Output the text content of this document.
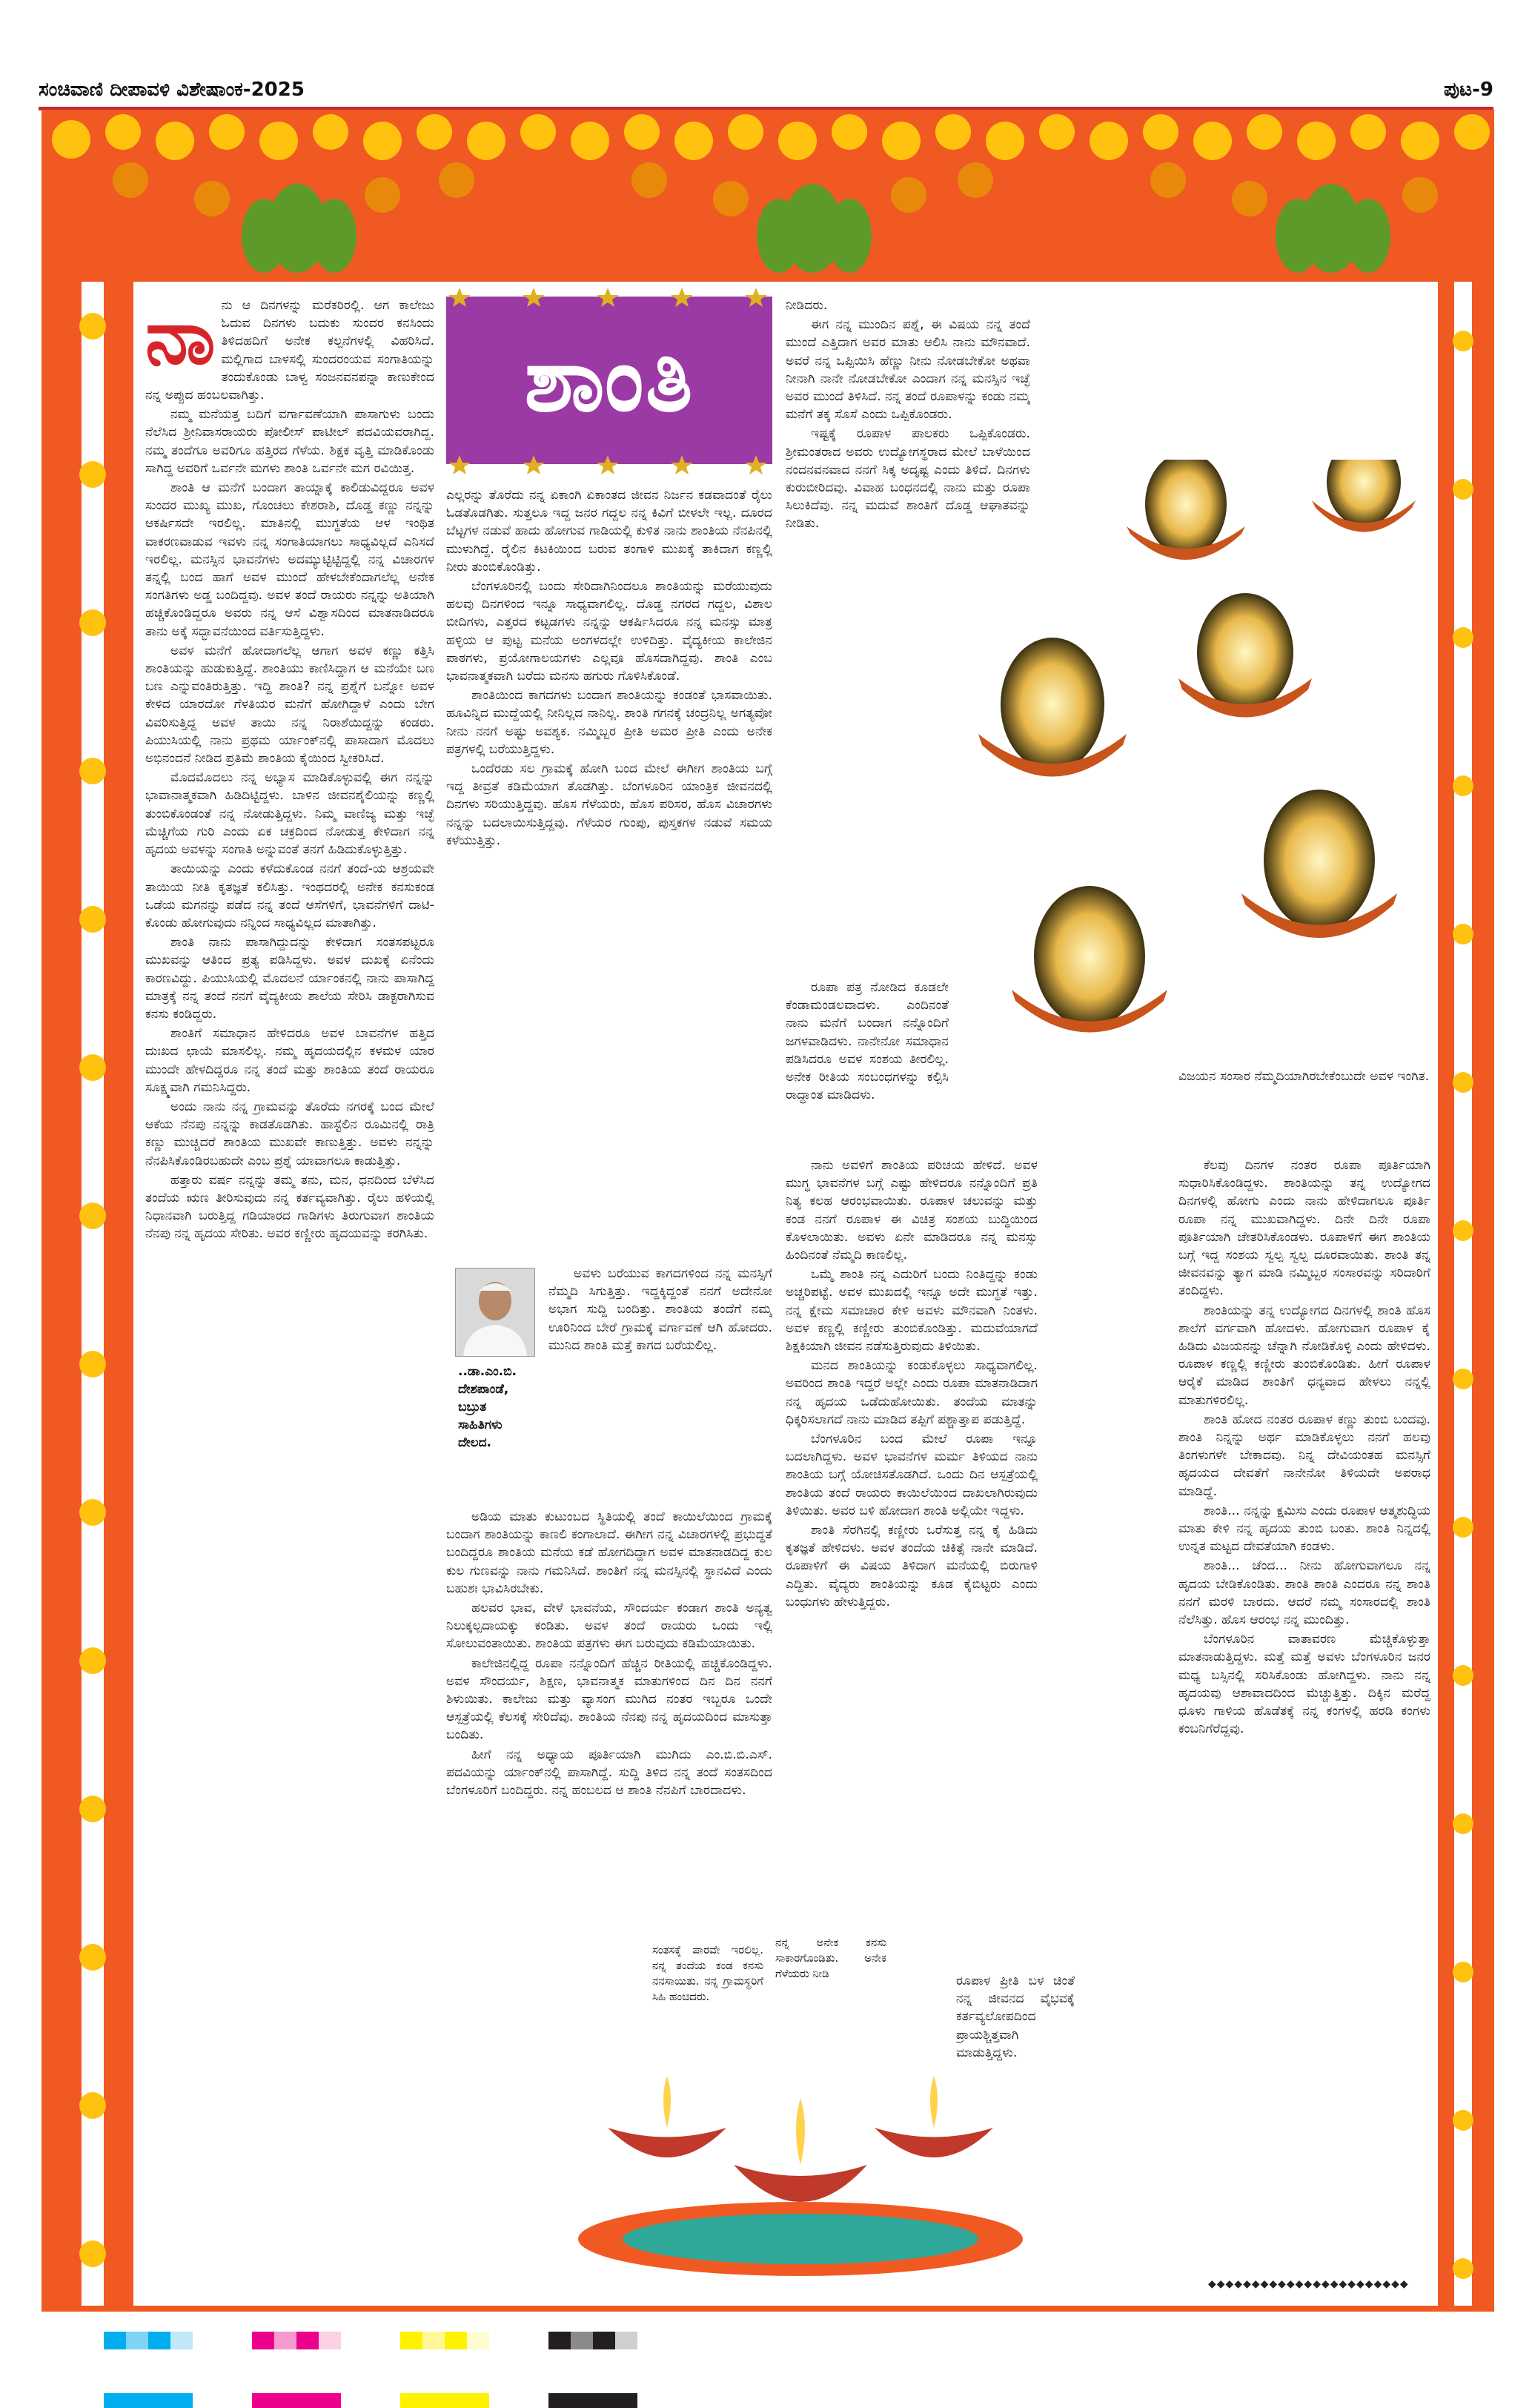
ಸಂಚಿವಾಣಿ ದೀಪಾವಳಿ ವಿಶೇಷಾಂಕ-2025	ಪುಟ-9
ಶಾಂತಿ
ನಾ ನು ಆ ದಿನಗಳನ್ನು ಮರೆಕರಿರಲ್ಲಿ. ಆಗ ಕಾಲೇಜು ಓದುವ ದಿನಗಳು ಬದುಕು ಸುಂದರ ಕನಸಿಂದು ತಿಳಿದಹದಿಗೆ ಅನೇಕ ಕಲ್ಪನೆಗಳಲ್ಲಿ ವಿಹರಿಸಿದೆ. ಮಲ್ಲಿಗಾದ ಬಾಳಸಲ್ಲಿ ಸುಂದರಂಯವ ಸಂಗಾತಿಯನ್ನು ತಂದುಕೊಂಡು ಬಾಳ್ವ ಸಂಜನವನಪನ್ನಾ ಕಾಣುಕೇಂದ ನನ್ನ ಅಪ್ಪುದ ಹಂಬಲವಾಗಿತ್ತು.

ನಮ್ಮ ಮನೆಯತ್ತ ಬದಿಗೆ ವರ್ಗಾವಣೆಯಾಗಿ ಪಾಸಾಗುಳು ಬಂದು ನೆಲೆಸಿದ ಶ್ರೀನಿವಾಸರಾಯರು ಪೋಲೀಸ್ ಪಾಟೀಲ್ ಪದವಿಯವರಾಗಿದ್ದ. ನಮ್ಮ ತಂದೆಗೂ ಅವರಿಗೂ ಹತ್ತಿರದ ಗೆಳೆಯ. ಶಿಕ್ಷಕ ವೃತ್ತಿ ಮಾಡಿಕೊಂಡು ಸಾಗಿದ್ದ ಅವರಿಗೆ ಒರ್ವನೇ ಮಗಳು ಶಾಂತಿ ಒರ್ವನೇ ಮಗ ರವಿಯಿತ್ತ.

ಶಾಂತಿ ಆ ಮನೆಗೆ ಬಂದಾಗ ತಾಯ್ನಾಕ್ಕೆ ಕಾಲಿಡುವಿದ್ದರೂ ಅವಳ ಸುಂದರ ಮುಖ್ಯ ಮುಖ, ಗೊಂಚಲು ಕೇಶರಾಶಿ, ದೊಡ್ಡ ಕಣ್ಣು ನನ್ನನ್ನು ಆಕರ್ಷಿಸದೇ ಇರಲಿಲ್ಲ. ಮಾತಿನಲ್ಲಿ ಮುಗ್ಧತೆಯ ಆಳ ಇಂಥಿತ ವಾಕರಣವಾಡುವ ಇವಳು ನನ್ನ ಸಂಗಾತಿಯಾಗಲು ಸಾಧ್ಯವಿಲ್ಲದೆ ಎನಿಸದೆ ಇರಲಿಲ್ಲ. ಮನಸ್ಸಿನ ಭಾವನೆಗಳು ಅದಮ್ಯುಟ್ಟಿಟ್ಟಿದ್ದಲ್ಲಿ ನನ್ನ ವಿಚಾರಗಳ ತನ್ನಲ್ಲಿ ಬಂದ ಹಾಗೆ ಅವಳ ಮುಂದೆ ಹೇಳಬೇಕೆಂದಾಗಲೆಲ್ಲ ಅನೇಕ ಸಂಗತಿಗಳು ಅಡ್ಡ ಬಂದಿದ್ದವು. ಅವಳ ತಂದೆ ರಾಯರು ನನ್ನನ್ನು ಅತಿಯಾಗಿ ಹಚ್ಚಿಕೊಂಡಿದ್ದರೂ ಅವರು ನನ್ನ ಆಸೆ ವಿಶ್ವಾಸದಿಂದ ಮಾತನಾಡಿದರೂ ತಾನು ಅಕ್ಕೆ ಸದ್ಭಾವನೆಯಿಂದ ವರ್ತಿಸುತ್ತಿದ್ದಳು.

ಅವಳ ಮನೆಗೆ ಹೋದಾಗಲೆಲ್ಲ ಆಗಾಗ ಅವಳ ಕಣ್ಣು ಕತ್ತಿಸಿ ಶಾಂತಿಯನ್ನು ಹುಡುಕುತ್ತಿದ್ದೆ. ಶಾಂತಿಯು ಕಾಣಿಸಿದ್ದಾಗ ಆ ಮನೆಯೇ ಬಣ ಬಣ ಎನ್ನುವಂತಿರುತ್ತಿತ್ತು. ಇದ್ದಿ ಶಾಂತಿ? ನನ್ನ ಪ್ರಶ್ನೆಗೆ ಬನ್ನೋ ಅವಳ ಕೇಳಿದ ಯಾರದೋ ಗೆಳತಿಯರ ಮನೆಗೆ ಹೋಗಿದ್ದಾಳೆ ಎಂದು ಬೇಗ ವಿವರಿಸುತ್ತಿದ್ದ ಅವಳ ತಾಯಿ ನನ್ನ ನಿರಾಶೆಯಿದ್ದನ್ನು ಕಂಡರು. ಪಿಯುಸಿಯಲ್ಲಿ ನಾನು ಪ್ರಥಮ ರ್ಯಾಂಕ್‌ನಲ್ಲಿ ಪಾಸಾದಾಗ ಮೊದಲು ಅಭಿನಂದನೆ ನೀಡಿದ ಪ್ರತಿಮೆ ಶಾಂತಿಯ ಕೈಯಿಂದ ಸ್ವೀಕರಿಸಿದೆ.

ಮೊದಮೊದಲು ನನ್ನ ಅಭ್ಯಾಸ ಮಾಡಿಕೊಳ್ಳುವಲ್ಲಿ ಈಗ ನನ್ನನ್ನು ಭಾವಾನಾತ್ಮಕವಾಗಿ ಹಿಡಿದಿಟ್ಟಿದ್ದಳು. ಬಾಳಿನ ಜೀವನಶೈಲಿಯನ್ನು ಕಣ್ಣಲ್ಲಿ ತುಂಬಿಕೊಂಡಂತೆ ನನ್ನ ನೋಡುತ್ತಿದ್ದಳು. ನಿಮ್ಮ ವಾಣಿಜ್ಯ ಮತ್ತು ಇಚ್ಛೆ ಮೆಚ್ಚಿಗೆಯ ಗುರಿ ಎಂದು ಏಕ ಚಕ್ರದಿಂದ ನೋಡುತ್ತ ಕೇಳಿದಾಗ ನನ್ನ ಹೃದಯ ಅವಳನ್ನು ಸಂಗಾತಿ ಅನ್ನುವಂತೆ ತನಗೆ ಹಿಡಿದುಕೊಳ್ಳುತ್ತಿತ್ತು.

ತಾಯಿಯನ್ನು ಎಂದು ಕಳೆದುಕೊಂಡ ನನಗೆ ತಂದೆ-ಯ ಆಶ್ರಯವೇ ತಾಯಿಯ ನೀತಿ ಕೃತಜ್ಞತೆ ಕಲಿಸಿತ್ತು. ಇಂಥದರಲ್ಲಿ ಅನೇಕ ಕನಸುಕಂಡ ಒಡೆಯ ಮಗನನ್ನು ಪಡೆದ ನನ್ನ ತಂದೆ ಆಸೆಗಳಿಗೆ, ಭಾವನೆಗಳಿಗೆ ದಾಟಿ-ಕೊಂಡು ಹೋಗುವುದು ನನ್ನಿಂದ ಸಾಧ್ಯವಿಲ್ಲದ ಮಾತಾಗಿತ್ತು.

ಶಾಂತಿ ನಾನು ಪಾಸಾಗಿದ್ದುದನ್ನು ಕೇಳಿದಾಗ ಸಂತಸಪಟ್ಟರೂ ಮುಖವನ್ನು ಆತಿಂದ ಪ್ರತ್ಯ ಪಡಿಸಿದ್ದಳು. ಅವಳ ದುಖಕ್ಕೆ ಏನೆಂದು ಕಾರಣವಿದ್ದು. ಪಿಯುಸಿಯಲ್ಲಿ ಮೊದಲನೆ ರ್ಯಾಂಕನಲ್ಲಿ ನಾನು ಪಾಸಾಗಿದ್ದ ಮಾತ್ರಕ್ಕೆ ನನ್ನ ತಂದೆ ನನಗೆ ವೈದ್ಯಕೀಯ ಶಾಲೆಯ ಸೇರಿಸಿ ಡಾಕ್ಟರಾಗಿಸುವ ಕನಸು ಕಂಡಿದ್ದರು.

ಶಾಂತಿಗೆ ಸಮಾಧಾನ ಹೇಳಿದರೂ ಅವಳ ಬಾವನೆಗಳ ಹತ್ತಿದ ದುಃಖದ ಛಾಯೆ ಮಾಸಲಿಲ್ಲ. ನಮ್ಮ ಹೃದಯದಲ್ಲಿನ ಕಳಮಳ ಯಾರ ಮುಂದೇ ಹೇಳದಿದ್ದರೂ ನನ್ನ ತಂದೆ ಮತ್ತು ಶಾಂತಿಯ ತಂದೆ ರಾಯರೂ ಸೂಕ್ಷ್ಮವಾಗಿ ಗಮನಿಸಿದ್ದರು.

ಅಂದು ನಾನು ನನ್ನ ಗ್ರಾಮವನ್ನು ತೊರೆದು ನಗರಕ್ಕೆ ಬಂದ ಮೇಲೆ ಆಕೆಯ ನೆನಪು ನನ್ನನ್ನು ಕಾಡತೊಡಗಿತು. ಹಾಸ್ಟೆಲಿನ ರೂಮಿನಲ್ಲಿ ರಾತ್ರಿ ಕಣ್ಣು ಮುಚ್ಚಿದರೆ ಶಾಂತಿಯ ಮುಖವೇ ಕಾಣುತ್ತಿತ್ತು. ಅವಳು ನನ್ನನ್ನು ನೆನಪಿಸಿಕೊಂಡಿರಬಹುದೇ ಎಂಬ ಪ್ರಶ್ನೆ ಯಾವಾಗಲೂ ಕಾಡುತ್ತಿತ್ತು.

ಹತ್ತಾರು ವರ್ಷ ನನ್ನನ್ನು ತಮ್ಮ ತನು, ಮನ, ಧನದಿಂದ ಬೆಳೆಸಿದ ತಂದೆಯ ಋಣ ತೀರಿಸುವುದು ನನ್ನ ಕರ್ತವ್ಯವಾಗಿತ್ತು. ರೈಲು ಹಳಿಯಲ್ಲಿ ನಿಧಾನವಾಗಿ ಬರುತ್ತಿದ್ದ ಗಡಿಯಾರದ ಗಾಡಿಗಳು ತಿರುಗುವಾಗ ಶಾಂತಿಯ ನೆನಪು ನನ್ನ ಹೃದಯ ಸೇರಿತು. ಅವರ ಕಣ್ಣೀರು ಹೃದಯವನ್ನು ಕರಗಿಸಿತು.

ಎಲ್ಲರನ್ನು ತೊರೆದು ನನ್ನ ಏಕಾಂಗಿ ಏಕಾಂತದ ಜೀವನ ನಿರ್ಜನ ಕಡವಾದಂತೆ ರೈಲು ಓಡತೊಡಗಿತು. ಸುತ್ತಲೂ ಇದ್ದ ಜನರ ಗದ್ದಲ ನನ್ನ ಕಿವಿಗೆ ಬೀಳಲೇ ಇಲ್ಲ. ದೂರದ ಬೆಟ್ಟಗಳ ನಡುವೆ ಹಾದು ಹೋಗುವ ಗಾಡಿಯಲ್ಲಿ ಕುಳಿತ ನಾನು ಶಾಂತಿಯ ನೆನಪಿನಲ್ಲಿ ಮುಳುಗಿದ್ದೆ. ರೈಲಿನ ಕಿಟಕಿಯಿಂದ ಬರುವ ತಂಗಾಳಿ ಮುಖಕ್ಕೆ ತಾಕಿದಾಗ ಕಣ್ಣಲ್ಲಿ ನೀರು ತುಂಬಿಕೊಂಡಿತ್ತು.

ಬೆಂಗಳೂರಿನಲ್ಲಿ ಬಂದು ಸೇರಿದಾಗಿನಿಂದಲೂ ಶಾಂತಿಯನ್ನು ಮರೆಯುವುದು ಹಲವು ದಿನಗಳಿಂದ ಇನ್ನೂ ಸಾಧ್ಯವಾಗಲಿಲ್ಲ. ದೊಡ್ಡ ನಗರದ ಗದ್ದಲ, ವಿಶಾಲ ಬೀದಿಗಳು, ಎತ್ತರದ ಕಟ್ಟಡಗಳು ನನ್ನನ್ನು ಆಕರ್ಷಿಸಿದರೂ ನನ್ನ ಮನಸ್ಸು ಮಾತ್ರ ಹಳ್ಳಿಯ ಆ ಪುಟ್ಟ ಮನೆಯ ಅಂಗಳದಲ್ಲೇ ಉಳಿದಿತ್ತು. ವೈದ್ಯಕೀಯ ಕಾಲೇಜಿನ ಪಾಠಗಳು, ಪ್ರಯೋಗಾಲಯಗಳು ಎಲ್ಲವೂ ಹೊಸದಾಗಿದ್ದವು. ಶಾಂತಿ ಎಂಬ ಭಾವನಾತ್ಮಕವಾಗಿ ಬರೆದು ಮನಸು ಹಗುರು ಗೊಳಿಸಿಕೊಂಡೆ.

ಶಾಂತಿಯಿಂದ ಕಾಗದಗಳು ಬಂದಾಗ ಶಾಂತಿಯನ್ನು ಕಂಡಂತೆ ಭಾಸವಾಯಿತು. ಹೂವಿನ್ನಿದ ಮುದ್ದೆಯಲ್ಲಿ ನೀನಿಲ್ಲದ ನಾನಿಲ್ಲ. ಶಾಂತಿ ಗಗನಕ್ಕೆ ಚಂದ್ರನಿಲ್ಲ ಅಗತ್ಯವೋ ನೀನು ನನಗೆ ಅಷ್ಟು ಅವಶ್ಯಕ. ನಮ್ಮಿಬ್ಬರ ಪ್ರೀತಿ ಅಮರ ಪ್ರೀತಿ ಎಂದು ಅನೇಕ ಪತ್ರಗಳಲ್ಲಿ ಬರೆಯುತ್ತಿದ್ದಳು.

ಒಂದೆರಡು ಸಲ ಗ್ರಾಮಕ್ಕೆ ಹೋಗಿ ಬಂದ ಮೇಲೆ ಈಗೀಗ ಶಾಂತಿಯ ಬಗ್ಗೆ ಇದ್ದ ತೀವ್ರತೆ ಕಡಿಮೆಯಾಗ ತೊಡಗಿತ್ತು. ಬೆಂಗಳೂರಿನ ಯಾಂತ್ರಿಕ ಜೀವನದಲ್ಲಿ ದಿನಗಳು ಸರಿಯುತ್ತಿದ್ದವು. ಹೊಸ ಗೆಳೆಯರು, ಹೊಸ ಪರಿಸರ, ಹೊಸ ವಿಚಾರಗಳು ನನ್ನನ್ನು ಬದಲಾಯಿಸುತ್ತಿದ್ದವು. ಗೆಳೆಯರ ಗುಂಪು, ಪುಸ್ತಕಗಳ ನಡುವೆ ಸಮಯ ಕಳೆಯುತ್ತಿತ್ತು.

..ಡಾ.ಎಂ.ಬಿ.
ದೇಶಪಾಂಡೆ,
ಬಬ್ರುತ
ಸಾಹಿತಿಗಳು
ದೇಲದ.

ಅವಳು ಬರೆಯುವ ಕಾಗದಗಳಿಂದ ನನ್ನ ಮನಸ್ಸಿಗೆ ನೆಮ್ಮದಿ ಸಿಗುತ್ತಿತ್ತು. ಇದ್ದಕ್ಕಿದ್ದಂತೆ ನನಗೆ ಅದೇನೋ ಅಭಾಗ ಸುದ್ದಿ ಬಂದಿತ್ತು. ಶಾಂತಿಯ ತಂದೆಗೆ ನಮ್ಮ ಊರಿನಿಂದ ಬೇರೆ ಗ್ರಾಮಕ್ಕೆ ವರ್ಗಾವಣೆ ಆಗಿ ಹೋದರು. ಮುನಿದ ಶಾಂತಿ ಮತ್ತೆ ಕಾಗದ ಬರೆಯಲಿಲ್ಲ.

ಅಡಿಯ ಮಾತು ಕುಟುಂಬದ ಸ್ಥಿತಿಯಲ್ಲಿ ತಂದೆ ಕಾಯಿಲೆಯಿಂದ ಗ್ರಾಮಕ್ಕೆ ಬಂದಾಗ ಶಾಂತಿಯನ್ನು ಕಾಣಲಿ ಕಂಗಾಲಾದೆ. ಈಗೀಗ ನನ್ನ ವಿಚಾರಗಳಲ್ಲಿ ಪ್ರಭುದ್ಧತೆ ಬಂದಿದ್ದರೂ ಶಾಂತಿಯ ಮನೆಯ ಕಡೆ ಹೋಗದಿದ್ದಾಗ ಅವಳ ಮಾತನಾಡದಿದ್ದ ಕುಲ ಕುಲ ಗುಣವನ್ನು ನಾನು ಗಮನಿಸಿದೆ. ಶಾಂತಿಗೆ ನನ್ನ ಮನಸ್ಸಿನಲ್ಲಿ ಸ್ಥಾನವಿದೆ ಎಂದು ಬಹುಶಃ ಭಾವಿಸಿರಬೇಕು.

ಹಲವರ ಭಾವ, ವೇಳೆ ಭಾವನೆಯ, ಸೌಂದರ್ಯ ಕಂಡಾಗ ಶಾಂತಿ ಅನ್ಯತ್ವ ನಿಲುಕ್ಕಲ್ಪದಾಯಕ್ಕು ಕಂಡಿತು. ಅವಳ ತಂದೆ ರಾಯರು ಒಂದು ಇಲ್ಲಿ ಸೋಲುವಂತಾಯಿತು. ಶಾಂತಿಯ ಪತ್ರಗಳು ಈಗ ಬರುವುದು ಕಡಿಮೆಯಾಯಿತು.

ಕಾಲೇಜಿನಲ್ಲಿದ್ದ ರೂಪಾ ನನ್ನೊಂದಿಗೆ ಹೆಚ್ಚಿನ ರೀತಿಯಲ್ಲಿ ಹಚ್ಚಿಕೊಂಡಿದ್ದಳು. ಅವಳ ಸೌಂದರ್ಯ, ಶಿಕ್ಷಣ, ಭಾವನಾತ್ಮಕ ಮಾತುಗಳಿಂದ ದಿನ ದಿನ ನನಗೆ ಶಿಳುಯಿತು. ಕಾಲೇಜು ಮತ್ತು ವ್ಯಾಸಂಗ ಮುಗಿದ ನಂತರ ಇಬ್ಬರೂ ಒಂದೇ ಆಸ್ಪತ್ರೆಯಲ್ಲಿ ಕೆಲಸಕ್ಕೆ ಸೇರಿದೆವು. ಶಾಂತಿಯ ನೆನಪು ನನ್ನ ಹೃದಯದಿಂದ ಮಾಸುತ್ತಾ ಬಂದಿತು.

ಹೀಗೆ ನನ್ನ ಅಧ್ಯಾಯ ಪೂರ್ತಿಯಾಗಿ ಮುಗಿದು ಎಂ.ಬಿ.ಬಿ.ಎಸ್. ಪದವಿಯನ್ನು ರ್ಯಾಂಕ್‌ನಲ್ಲಿ ಪಾಸಾಗಿದ್ದೆ. ಸುದ್ದಿ ತಿಳಿದ ನನ್ನ ತಂದೆ ಸಂತಸದಿಂದ ಬೆಂಗಳೂರಿಗೆ ಬಂದಿದ್ದರು. ನನ್ನ ಹಂಬಲದ ಆ ಶಾಂತಿ ನೆನಪಿಗೆ ಬಾರದಾದಳು.

ನೀಡಿದರು.

ಈಗ ನನ್ನ ಮುಂದಿನ ಪಶ್ನೆ, ಈ ವಿಷಯ ನನ್ನ ತಂದೆ ಮುಂದೆ ಎತ್ತಿದಾಗ ಅವರ ಮಾತು ಆಲಿಸಿ ನಾನು ಮೌನವಾದೆ. ಅವರೆ ನನ್ನ ಒಪ್ಪಿಯಿಸಿ ಹೆಣ್ಣು ನೀನು ನೋಡಬೇಕೋ ಅಥವಾ ನೀನಾಗಿ ನಾನೇ ನೋಡಬೇಕೋ ಎಂದಾಗ ನನ್ನ ಮನಸ್ಸಿನ ಇಚ್ಛೆ ಅವರ ಮುಂದೆ ತಿಳಿಸಿದೆ. ನನ್ನ ತಂದೆ ರೂಪಾಳನ್ನು ಕಂಡು ನಮ್ಮ ಮನೆಗೆ ತಕ್ಕ ಸೊಸೆ ಎಂದು ಒಪ್ಪಿಕೊಂಡರು.

ಇಷ್ಟಕ್ಕೆ ರೂಪಾಳ ಪಾಲಕರು ಒಪ್ಪಿಕೊಂಡರು. ಶ್ರೀಮಂತರಾದ ಅವರು ಉದ್ಯೋಗಸ್ಥರಾದ ಮೇಲೆ ಬಾಳೆಯಿಂದ ನಂದನವನವಾದ ನನಗೆ ಸಿಕ್ಕ ಅದೃಷ್ಟ ಎಂದು ತಿಳಿದೆ. ದಿನಗಳು ಕುರುಬೀರಿದವು. ವಿವಾಹ ಬಂಧನದಲ್ಲಿ ನಾನು ಮತ್ತು ರೂಪಾ ಸಿಲುಕಿದೆವು. ನನ್ನ ಮದುವೆ ಶಾಂತಿಗೆ ದೊಡ್ಡ ಆಘಾತವನ್ನು ನೀಡಿತು.

ರೂಪಾ ಪತ್ರ ನೋಡಿದ ಕೂಡಲೇ ಕೆಂಡಾಮಂಡಲವಾದಳು. ಎಂದಿನಂತೆ ನಾನು ಮನೆಗೆ ಬಂದಾಗ ನನ್ನೊಂದಿಗೆ ಜಗಳವಾಡಿದಳು. ನಾನೇನೋ ಸಮಾಧಾನ ಪಡಿಸಿದರೂ ಅವಳ ಸಂಶಯ ತೀರಲಿಲ್ಲ. ಅನೇಕ ರೀತಿಯ ಸಂಬಂಧಗಳನ್ನು ಕಲ್ಪಿಸಿ ರಾದ್ಧಾಂತ ಮಾಡಿದಳು.

ನಾನು ಅವಳಿಗೆ ಶಾಂತಿಯ ಪರಿಚಯ ಹೇಳಿದೆ. ಅವಳ ಮುಗ್ಧ ಭಾವನೆಗಳ ಬಗ್ಗೆ ಎಷ್ಟು ಹೇಳಿದರೂ ನನ್ನೊಂದಿಗೆ ಪ್ರತಿ ನಿತ್ಯ ಕಲಹ ಆರಂಭವಾಯಿತು. ರೂಪಾಳ ಚಲುವನ್ನು ಮತ್ತು ಕಂಡ ನನಗೆ ರೂಪಾಳ ಈ ವಿಚಿತ್ರ ಸಂಶಯ ಬುದ್ಧಿಯಿಂದ ಕೊಳಲಾಯಿತು. ಅವಳು ಏನೇ ಮಾಡಿದರೂ ನನ್ನ ಮನಸ್ಸು ಹಿಂದಿನಂತೆ ನೆಮ್ಮದಿ ಕಾಣಲಿಲ್ಲ.

ಒಮ್ಮೆ ಶಾಂತಿ ನನ್ನ ಎದುರಿಗೆ ಬಂದು ನಿಂತಿದ್ದನ್ನು ಕಂಡು ಅಚ್ಚರಿಪಟ್ಟೆ. ಅವಳ ಮುಖದಲ್ಲಿ ಇನ್ನೂ ಅದೇ ಮುಗ್ಧತೆ ಇತ್ತು. ನನ್ನ ಕ್ಷೇಮ ಸಮಾಚಾರ ಕೇಳಿ ಅವಳು ಮೌನವಾಗಿ ನಿಂತಳು. ಅವಳ ಕಣ್ಣಲ್ಲಿ ಕಣ್ಣೀರು ತುಂಬಿಕೊಂಡಿತ್ತು. ಮದುವೆಯಾಗದೆ ಶಿಕ್ಷಕಿಯಾಗಿ ಜೀವನ ನಡೆಸುತ್ತಿರುವುದು ತಿಳಿಯಿತು.

ಮನದ ಶಾಂತಿಯನ್ನು ಕಂಡುಕೊಳ್ಳಲು ಸಾಧ್ಯವಾಗಲಿಲ್ಲ. ಅವರಿಂದ ಶಾಂತಿ ಇದ್ದರೆ ಅಲ್ಲೇ ಎಂದು ರೂಪಾ ಮಾತನಾಡಿದಾಗ ನನ್ನ ಹೃದಯ ಒಡೆದುಹೋಯಿತು. ತಂದೆಯ ಮಾತನ್ನು ಧಿಕ್ಕರಿಸಲಾಗದೆ ನಾನು ಮಾಡಿದ ತಪ್ಪಿಗೆ ಪಶ್ಚಾತ್ತಾಪ ಪಡುತ್ತಿದ್ದೆ.

ಬೆಂಗಳೂರಿನ ಬಂದ ಮೇಲೆ ರೂಪಾ ಇನ್ನೂ ಬದಲಾಗಿದ್ದಳು. ಅವಳ ಭಾವನೆಗಳ ಮರ್ಮ ತಿಳಿಯದ ನಾನು ಶಾಂತಿಯ ಬಗ್ಗೆ ಯೋಚಿಸತೊಡಗಿದೆ. ಒಂದು ದಿನ ಆಸ್ಪತ್ರೆಯಲ್ಲಿ ಶಾಂತಿಯ ತಂದೆ ರಾಯರು ಕಾಯಿಲೆಯಿಂದ ದಾಖಲಾಗಿರುವುದು ತಿಳಿಯಿತು. ಅವರ ಬಳಿ ಹೋದಾಗ ಶಾಂತಿ ಅಲ್ಲಿಯೇ ಇದ್ದಳು.

ಶಾಂತಿ ಸೆರಗಿನಲ್ಲಿ ಕಣ್ಣೀರು ಒರೆಸುತ್ತ ನನ್ನ ಕೈ ಹಿಡಿದು ಕೃತಜ್ಞತೆ ಹೇಳಿದಳು. ಅವಳ ತಂದೆಯ ಚಿಕಿತ್ಸೆ ನಾನೇ ಮಾಡಿದೆ. ರೂಪಾಳಿಗೆ ಈ ವಿಷಯ ತಿಳಿದಾಗ ಮನೆಯಲ್ಲಿ ಬಿರುಗಾಳಿ ಎದ್ದಿತು. ವೈದ್ಯರು ಶಾಂತಿಯನ್ನು ಕೂಡ ಕೈಬಿಟ್ಟರು ಎಂದು ಬಂಧುಗಳು ಹೇಳುತ್ತಿದ್ದರು.

ರೂಪಾಳ ಪ್ರೀತಿ ಬಳ ಚಿಂತೆ ನನ್ನ ಜೀವನದ ವೈಭವಕ್ಕೆ ಕರ್ತವ್ಯಲೋಪದಿಂದ ಪ್ರಾಯಶ್ಚಿತ್ತವಾಗಿ ಮಾಡುತ್ತಿದ್ದಳು.

ಸಂತಸಕ್ಕೆ ಪಾರವೇ ಇರಲಿಲ್ಲ. ನನ್ನ ತಂದೆಯ ಕಂಡ ಕನಸು ನನಸಾಯಿತು. ನನ್ನ ಗ್ರಾಮಸ್ಥರಿಗೆ ಸಿಹಿ ಹಂಚಿದರು.

ನನ್ನ ಅನೇಕ ಕನಸು ಸಾಕಾರಗೊಂಡಿತು. ಅನೇಕ ಗೆಳೆಯರು ನೀಡಿ

ವಿಜಯನ ಸಂಸಾರ ನೆಮ್ಮದಿಯಾಗಿರಬೇಕೆಂಬುದೇ ಅವಳ ಇಂಗಿತ.

ಕೆಲವು ದಿನಗಳ ನಂತರ ರೂಪಾ ಪೂರ್ತಿಯಾಗಿ ಸುಧಾರಿಸಿಕೊಂಡಿದ್ದಳು. ಶಾಂತಿಯನ್ನು ತನ್ನ ಉದ್ಯೋಗದ ದಿನಗಳಲ್ಲಿ ಹೋಗು ಎಂದು ನಾನು ಹೇಳಿದಾಗಲೂ ಪೂರ್ತಿ ರೂಪಾ ನನ್ನ ಮುಖವಾಗಿದ್ದಳು. ದಿನೇ ದಿನೇ ರೂಪಾ ಪೂರ್ತಿಯಾಗಿ ಚೇತರಿಸಿಕೊಂಡಳು. ರೂಪಾಳಿಗೆ ಈಗ ಶಾಂತಿಯ ಬಗ್ಗೆ ಇದ್ದ ಸಂಶಯ ಸ್ವಲ್ಪ ಸ್ವಲ್ಪ ದೂರವಾಯಿತು. ಶಾಂತಿ ತನ್ನ ಜೀವನವನ್ನು ತ್ಯಾಗ ಮಾಡಿ ನಮ್ಮಿಬ್ಬರ ಸಂಸಾರವನ್ನು ಸರಿದಾರಿಗೆ ತಂದಿದ್ದಳು.

ಶಾಂತಿಯನ್ನು ತನ್ನ ಉದ್ಯೋಗದ ದಿನಗಳಲ್ಲಿ ಶಾಂತಿ ಹೊಸ ಶಾಲೆಗೆ ವರ್ಗವಾಗಿ ಹೋದಳು. ಹೋಗುವಾಗ ರೂಪಾಳ ಕೈ ಹಿಡಿದು ವಿಜಯನನ್ನು ಚೆನ್ನಾಗಿ ನೋಡಿಕೊಳ್ಳಿ ಎಂದು ಹೇಳಿದಳು. ರೂಪಾಳ ಕಣ್ಣಲ್ಲಿ ಕಣ್ಣೀರು ತುಂಬಿಕೊಂಡಿತು. ಹೀಗೆ ರೂಪಾಳ ಆರೈಕೆ ಮಾಡಿದ ಶಾಂತಿಗೆ ಧನ್ಯವಾದ ಹೇಳಲು ನನ್ನಲ್ಲಿ ಮಾತುಗಳಿರಲಿಲ್ಲ.

ಶಾಂತಿ ಹೋದ ನಂತರ ರೂಪಾಳ ಕಣ್ಣು ತುಂಬಿ ಬಂದವು. ಶಾಂತಿ ನಿನ್ನನ್ನು ಅರ್ಥ ಮಾಡಿಕೊಳ್ಳಲು ನನಗೆ ಹಲವು ತಿಂಗಳುಗಳೇ ಬೇಕಾದವು. ನಿನ್ನ ದೇವಿಯಂತಹ ಮನಸ್ಸಿಗೆ ಹೃದಯದ ದೇವತೆಗೆ ನಾನೇನೋ ತಿಳಿಯದೇ ಅಪರಾಧ ಮಾಡಿದ್ದೆ.

ಶಾಂತಿ... ನನ್ನನ್ನು ಕ್ಷಮಿಸು ಎಂದು ರೂಪಾಳ ಆತ್ಮಶುದ್ಧಿಯ ಮಾತು ಕೇಳಿ ನನ್ನ ಹೃದಯ ತುಂಬಿ ಬಂತು. ಶಾಂತಿ ನಿನ್ನದಲ್ಲಿ ಉನ್ನತ ಮಟ್ಟದ ದೇವತೆಯಾಗಿ ಕಂಡಳು.

ಶಾಂತಿ... ಚೆಂದ... ನೀನು ಹೋಗುವಾಗಲೂ ನನ್ನ ಹೃದಯ ಬೇಡಿಕೊಂಡಿತು. ಶಾಂತಿ ಶಾಂತಿ ಎಂದರೂ ನನ್ನ ಶಾಂತಿ ನನಗೆ ಮರಳಿ ಬಾರದು. ಆದರೆ ನಮ್ಮ ಸಂಸಾರದಲ್ಲಿ ಶಾಂತಿ ನೆಲೆಸಿತ್ತು. ಹೊಸ ಆರಂಭ ನನ್ನ ಮುಂದಿತ್ತು.

ಬೆಂಗಳೂರಿನ ವಾತಾವರಣ ಮೆಚ್ಚಿಕೊಳ್ಳುತ್ತಾ ಮಾತನಾಡುತ್ತಿದ್ದಳು. ಮತ್ತೆ ಮತ್ತೆ ಅವಳು ಬೆಂಗಳೂರಿನ ಜನರ ಮಧ್ಯ ಬಸ್ಸಿನಲ್ಲಿ ಸರಿಸಿಕೊಂಡು ಹೋಗಿದ್ದಳು. ನಾನು ನನ್ನ ಹೃದಯವು ಆಶಾವಾದದಿಂದ ಮೆಚ್ಚುತ್ತಿತ್ತು. ದಿಕ್ಕಿನ ಮರೆದ್ದ ಧೂಳು ಗಾಳಿಯ ಹೊಡೆತಕ್ಕೆ ನನ್ನ ಕಂಗಳಲ್ಲಿ ಹರಡಿ ಕಂಗಳು ಕಂಬನಿಗೆರೆದ್ದವು.

◆◆◆◆◆◆◆◆◆◆◆◆◆◆◆◆◆◆◆◆◆◆◆
